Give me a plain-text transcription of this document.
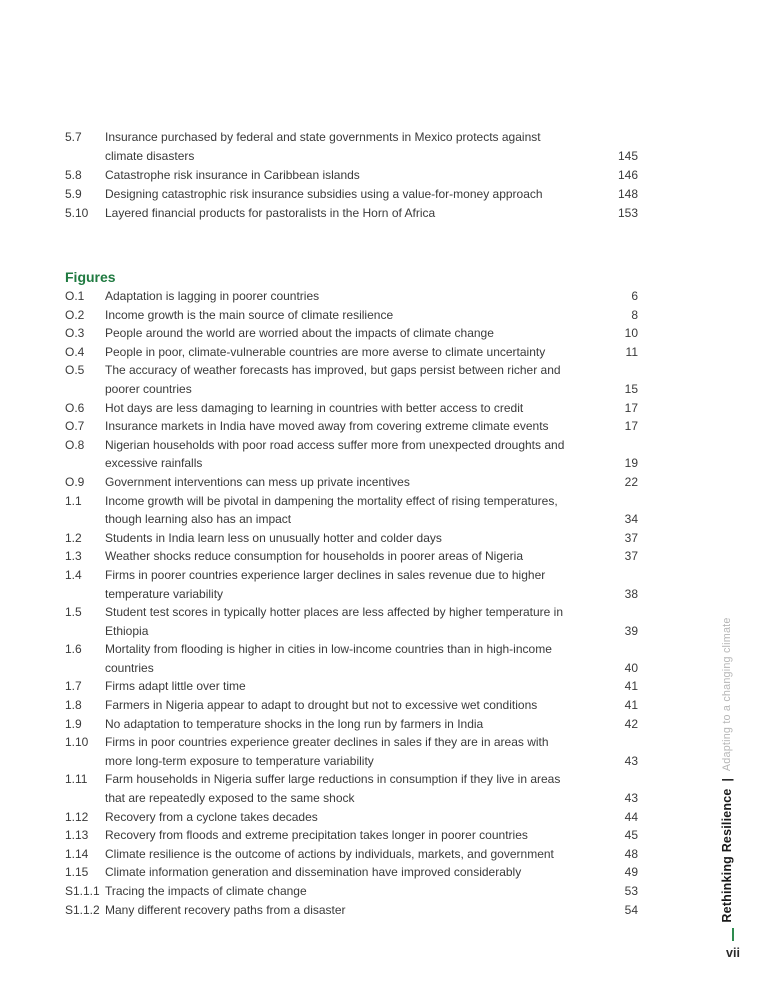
5.7	Insurance purchased by federal and state governments in Mexico protects against climate disasters	145
5.8	Catastrophe risk insurance in Caribbean islands	146
5.9	Designing catastrophic risk insurance subsidies using a value-for-money approach	148
5.10	Layered financial products for pastoralists in the Horn of Africa	153
Figures
O.1	Adaptation is lagging in poorer countries	6
O.2	Income growth is the main source of climate resilience	8
O.3	People around the world are worried about the impacts of climate change	10
O.4	People in poor, climate-vulnerable countries are more averse to climate uncertainty	11
O.5	The accuracy of weather forecasts has improved, but gaps persist between richer and poorer countries	15
O.6	Hot days are less damaging to learning in countries with better access to credit	17
O.7	Insurance markets in India have moved away from covering extreme climate events	17
O.8	Nigerian households with poor road access suffer more from unexpected droughts and excessive rainfalls	19
O.9	Government interventions can mess up private incentives	22
1.1	Income growth will be pivotal in dampening the mortality effect of rising temperatures, though learning also has an impact	34
1.2	Students in India learn less on unusually hotter and colder days	37
1.3	Weather shocks reduce consumption for households in poorer areas of Nigeria	37
1.4	Firms in poorer countries experience larger declines in sales revenue due to higher temperature variability	38
1.5	Student test scores in typically hotter places are less affected by higher temperature in Ethiopia	39
1.6	Mortality from flooding is higher in cities in low-income countries than in high-income countries	40
1.7	Firms adapt little over time	41
1.8	Farmers in Nigeria appear to adapt to drought but not to excessive wet conditions	41
1.9	No adaptation to temperature shocks in the long run by farmers in India	42
1.10	Firms in poor countries experience greater declines in sales if they are in areas with more long-term exposure to temperature variability	43
1.11	Farm households in Nigeria suffer large reductions in consumption if they live in areas that are repeatedly exposed to the same shock	43
1.12	Recovery from a cyclone takes decades	44
1.13	Recovery from floods and extreme precipitation takes longer in poorer countries	45
1.14	Climate resilience is the outcome of actions by individuals, markets, and government	48
1.15	Climate information generation and dissemination have improved considerably	49
S1.1.1 Tracing the impacts of climate change	53
S1.1.2 Many different recovery paths from a disaster	54	Rethinking Resilience
|
Adapting to a changing climate
vii
